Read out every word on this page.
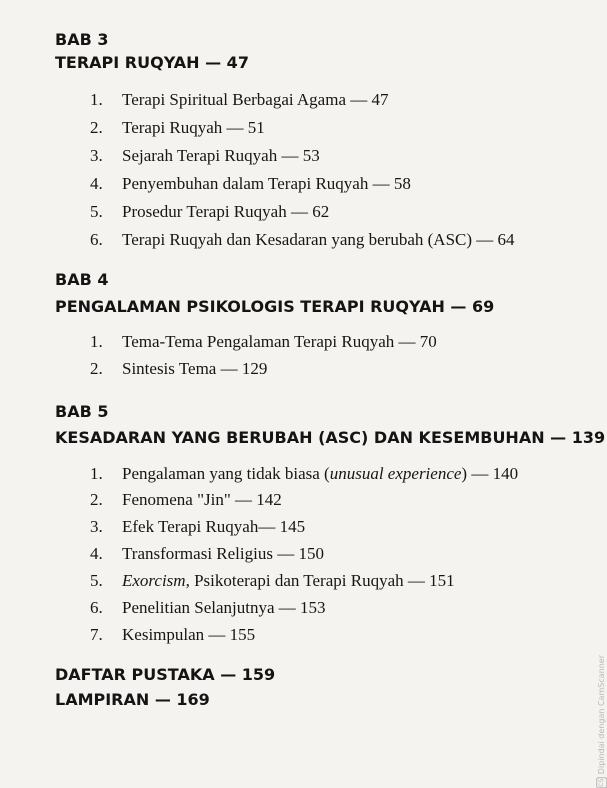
BAB 3
TERAPI RUQYAH — 47
1. Terapi Spiritual Berbagai Agama — 47
2. Terapi Ruqyah — 51
3. Sejarah Terapi Ruqyah — 53
4. Penyembuhan dalam Terapi Ruqyah — 58
5. Prosedur Terapi Ruqyah — 62
6. Terapi Ruqyah dan Kesadaran yang berubah (ASC) — 64
BAB 4
PENGALAMAN PSIKOLOGIS TERAPI RUQYAH — 69
1. Tema-Tema Pengalaman Terapi Ruqyah — 70
2. Sintesis Tema — 129
BAB 5
KESADARAN YANG BERUBAH (ASC) DAN KESEMBUHAN — 139
1. Pengalaman yang tidak biasa (unusual experience) — 140
2. Fenomena "Jin" — 142
3. Efek Terapi Ruqyah— 145
4. Transformasi Religius — 150
5. Exorcism, Psikoterapi dan Terapi Ruqyah — 151
6. Penelitian Selanjutnya — 153
7. Kesimpulan — 155
DAFTAR PUSTAKA — 159
LAMPIRAN — 169
CSDipindai dengan CamScanner
